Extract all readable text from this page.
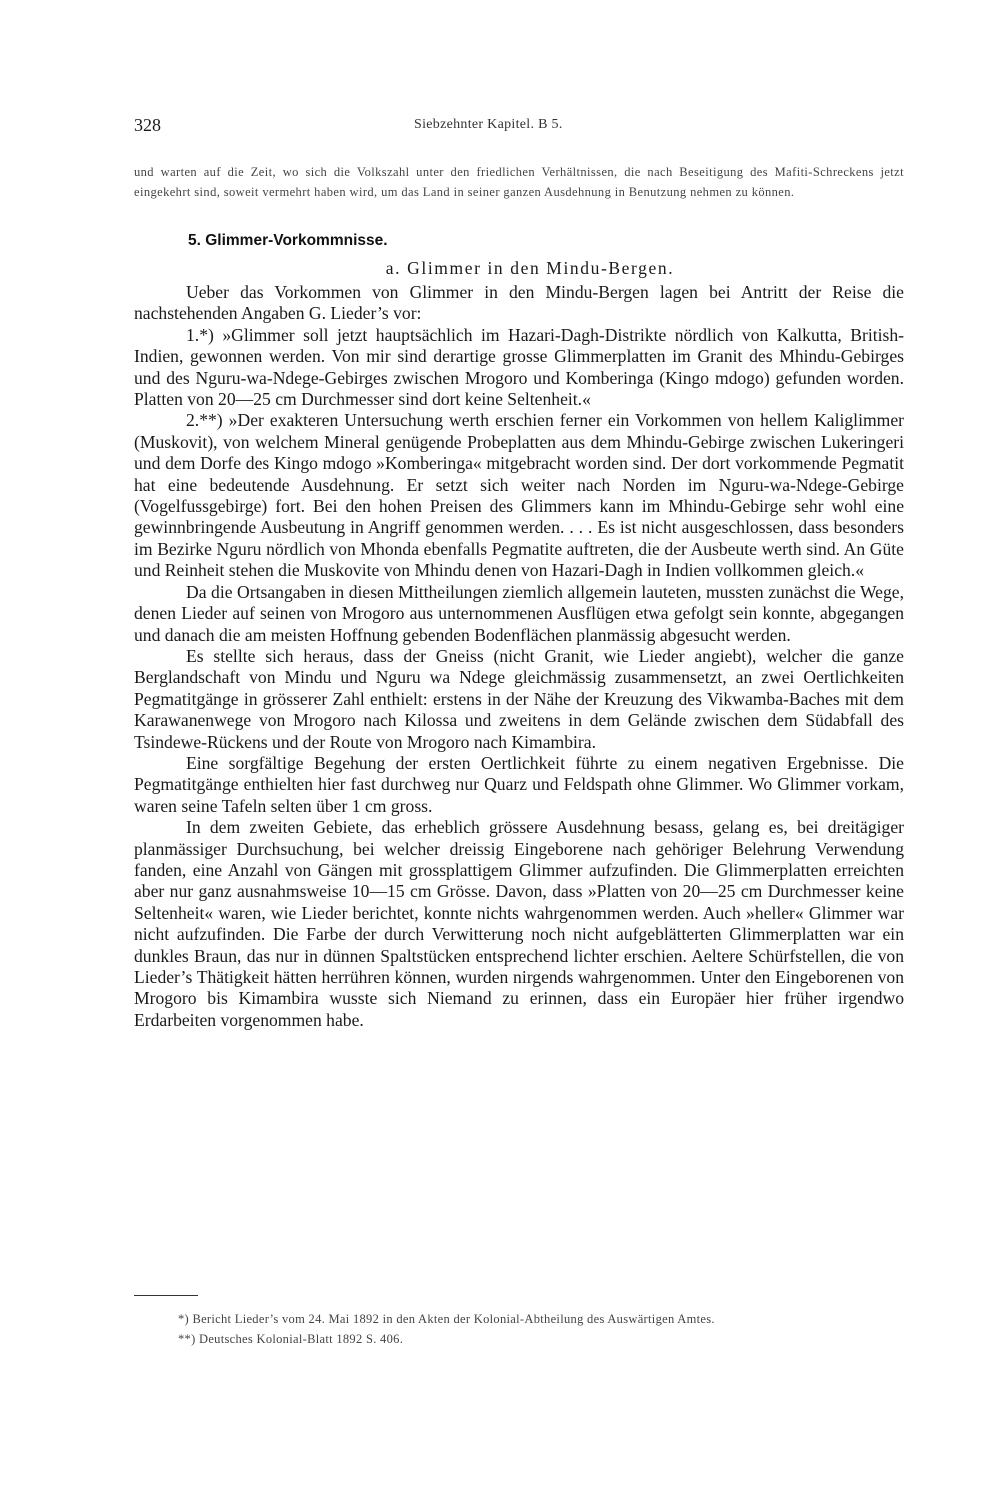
328	Siebzehnter Kapitel. B 5.
und warten auf die Zeit, wo sich die Volkszahl unter den friedlichen Verhältnissen, die nach Beseitigung des Mafiti-Schreckens jetzt eingekehrt sind, soweit vermehrt haben wird, um das Land in seiner ganzen Ausdehnung in Benutzung nehmen zu können.
5. Glimmer-Vorkommnisse.
a. Glimmer in den Mindu-Bergen.

Ueber das Vorkommen von Glimmer in den Mindu-Bergen lagen bei Antritt der Reise die nachstehenden Angaben G. Lieder’s vor:

1.*) »Glimmer soll jetzt hauptsächlich im Hazari-Dagh-Distrikte nördlich von Kalkutta, British-Indien, gewonnen werden. Von mir sind derartige grosse Glimmerplatten im Granit des Mhindu-Gebirges und des Nguru-wa-Ndege-Gebirges zwischen Mrogoro und Komberinga (Kingo mdogo) gefunden worden. Platten von 20—25 cm Durchmesser sind dort keine Seltenheit.«

2.**) »Der exakteren Untersuchung werth erschien ferner ein Vorkommen von hellem Kaliglimmer (Muskovit), von welchem Mineral genügende Probeplatten aus dem Mhindu-Gebirge zwischen Lukeringeri und dem Dorfe des Kingo mdogo »Komberinga« mitgebracht worden sind. Der dort vorkommende Pegmatit hat eine bedeutende Ausdehnung. Er setzt sich weiter nach Norden im Nguru-wa-Ndege-Gebirge (Vogelfussgebirge) fort. Bei den hohen Preisen des Glimmers kann im Mhindu-Gebirge sehr wohl eine gewinnbringende Ausbeutung in Angriff genommen werden. . . . Es ist nicht ausgeschlossen, dass besonders im Bezirke Nguru nördlich von Mhonda ebenfalls Pegmatite auftreten, die der Ausbeute werth sind. An Güte und Reinheit stehen die Muskovite von Mhindu denen von Hazari-Dagh in Indien vollkommen gleich.«

Da die Ortsangaben in diesen Mittheilungen ziemlich allgemein lauteten, mussten zunächst die Wege, denen Lieder auf seinen von Mrogoro aus unternommenen Ausflügen etwa gefolgt sein konnte, abgegangen und danach die am meisten Hoffnung gebenden Bodenflächen planmässig abgesucht werden.

Es stellte sich heraus, dass der Gneiss (nicht Granit, wie Lieder angiebt), welcher die ganze Berglandschaft von Mindu und Nguru wa Ndege gleichmässig zusammensetzt, an zwei Oertlichkeiten Pegmatitgänge in grösserer Zahl enthielt: erstens in der Nähe der Kreuzung des Vikwamba-Baches mit dem Karawanenwege von Mrogoro nach Kilossa und zweitens in dem Gelände zwischen dem Südabfall des Tsindewe-Rückens und der Route von Mrogoro nach Kimambira.

Eine sorgfältige Begehung der ersten Oertlichkeit führte zu einem negativen Ergebnisse. Die Pegmatitgänge enthielten hier fast durchweg nur Quarz und Feldspath ohne Glimmer. Wo Glimmer vorkam, waren seine Tafeln selten über 1 cm gross.

In dem zweiten Gebiete, das erheblich grössere Ausdehnung besass, gelang es, bei dreitägiger planmässiger Durchsuchung, bei welcher dreissig Eingeborene nach gehöriger Belehrung Verwendung fanden, eine Anzahl von Gängen mit grossplattigem Glimmer aufzufinden. Die Glimmerplatten erreichten aber nur ganz ausnahmsweise 10—15 cm Grösse. Davon, dass »Platten von 20—25 cm Durchmesser keine Seltenheit« waren, wie Lieder berichtet, konnte nichts wahrgenommen werden. Auch »heller« Glimmer war nicht aufzufinden. Die Farbe der durch Verwitterung noch nicht aufgeblätterten Glimmerplatten war ein dunkles Braun, das nur in dünnen Spaltstücken entsprechend lichter erschien. Aeltere Schürfstellen, die von Lieder’s Thätigkeit hätten herrühren können, wurden nirgends wahrgenommen. Unter den Eingeborenen von Mrogoro bis Kimambira wusste sich Niemand zu erinnen, dass ein Europäer hier früher irgendwo Erdarbeiten vorgenommen habe.

*) Bericht Lieder’s vom 24. Mai 1892 in den Akten der Kolonial-Abtheilung des Auswärtigen Amtes.

**) Deutsches Kolonial-Blatt 1892 S. 406.
